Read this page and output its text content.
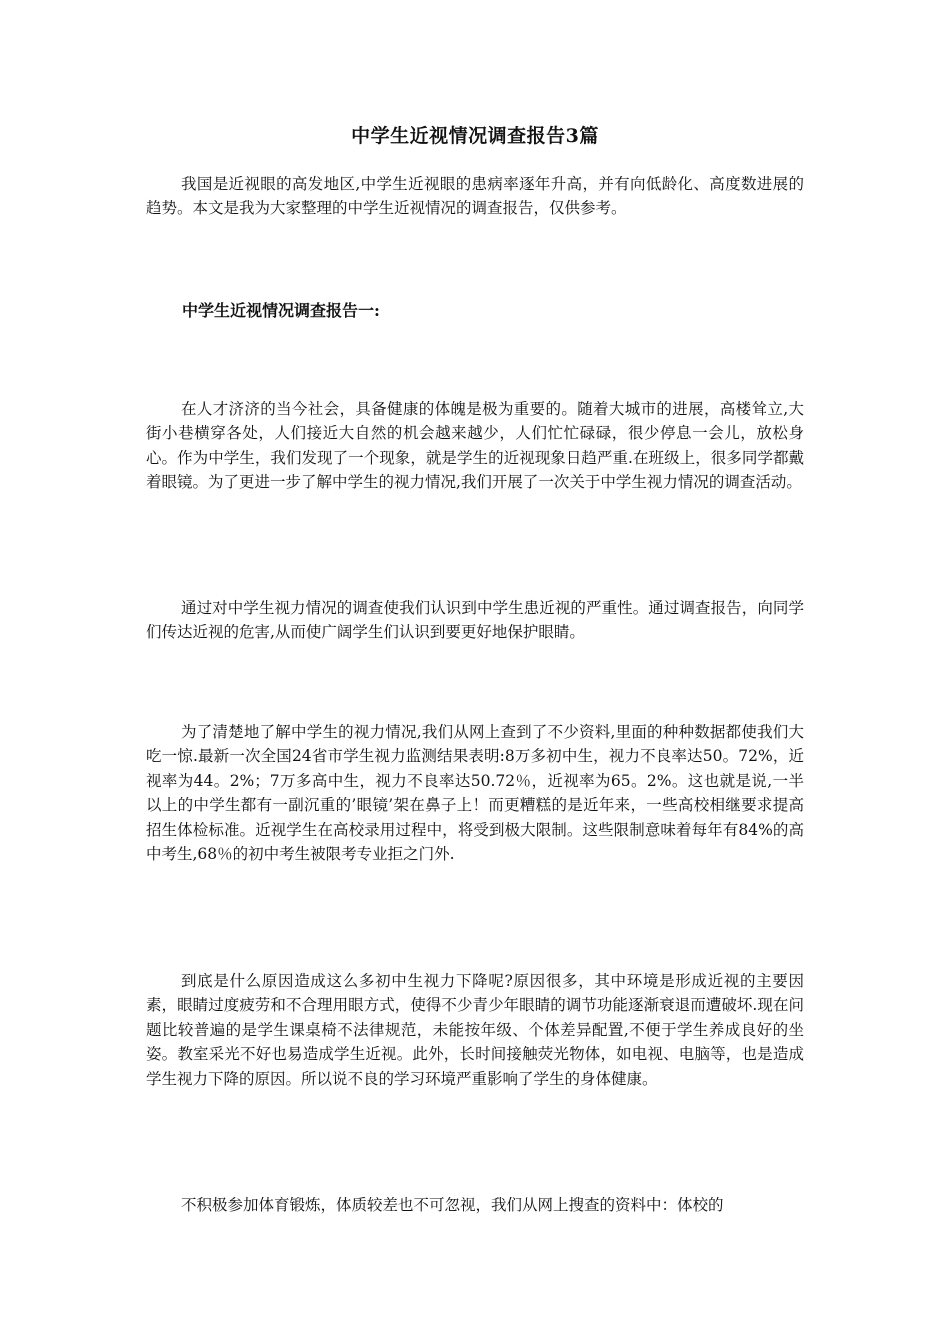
中学生近视情况调查报告3篇

我国是近视眼的高发地区,中学生近视眼的患病率逐年升高，并有向低龄化、高度数进展的趋势。本文是我为大家整理的中学生近视情况的调查报告，仅供参考。

中学生近视情况调查报告一:

在人才济济的当今社会，具备健康的体魄是极为重要的。随着大城市的进展，高楼耸立,大街小巷横穿各处，人们接近大自然的机会越来越少，人们忙忙碌碌，很少停息一会儿，放松身心。作为中学生，我们发现了一个现象，就是学生的近视现象日趋严重.在班级上，很多同学都戴着眼镜。为了更进一步了解中学生的视力情况,我们开展了一次关于中学生视力情况的调查活动。

通过对中学生视力情况的调查使我们认识到中学生患近视的严重性。通过调查报告，向同学们传达近视的危害,从而使广阔学生们认识到要更好地保护眼睛。

为了清楚地了解中学生的视力情况,我们从网上查到了不少资料,里面的种种数据都使我们大吃一惊.最新一次全国24省市学生视力监测结果表明:8万多初中生，视力不良率达50。72%，近视率为44。2%；7万多高中生，视力不良率达50.72％，近视率为65。2%。这也就是说,一半以上的中学生都有一副沉重的’眼镜’架在鼻子上！而更糟糕的是近年来，一些高校相继要求提高招生体检标准。近视学生在高校录用过程中，将受到极大限制。这些限制意味着每年有84%的高中考生,68％的初中考生被限考专业拒之门外.

到底是什么原因造成这么多初中生视力下降呢?原因很多，其中环境是形成近视的主要因素，眼睛过度疲劳和不合理用眼方式，使得不少青少年眼睛的调节功能逐渐衰退而遭破坏.现在问题比较普遍的是学生课桌椅不法律规范，未能按年级、个体差异配置,不便于学生养成良好的坐姿。教室采光不好也易造成学生近视。此外，长时间接触荧光物体，如电视、电脑等，也是造成学生视力下降的原因。所以说不良的学习环境严重影响了学生的身体健康。

不积极参加体育锻炼，体质较差也不可忽视，我们从网上搜查的资料中：体校的
